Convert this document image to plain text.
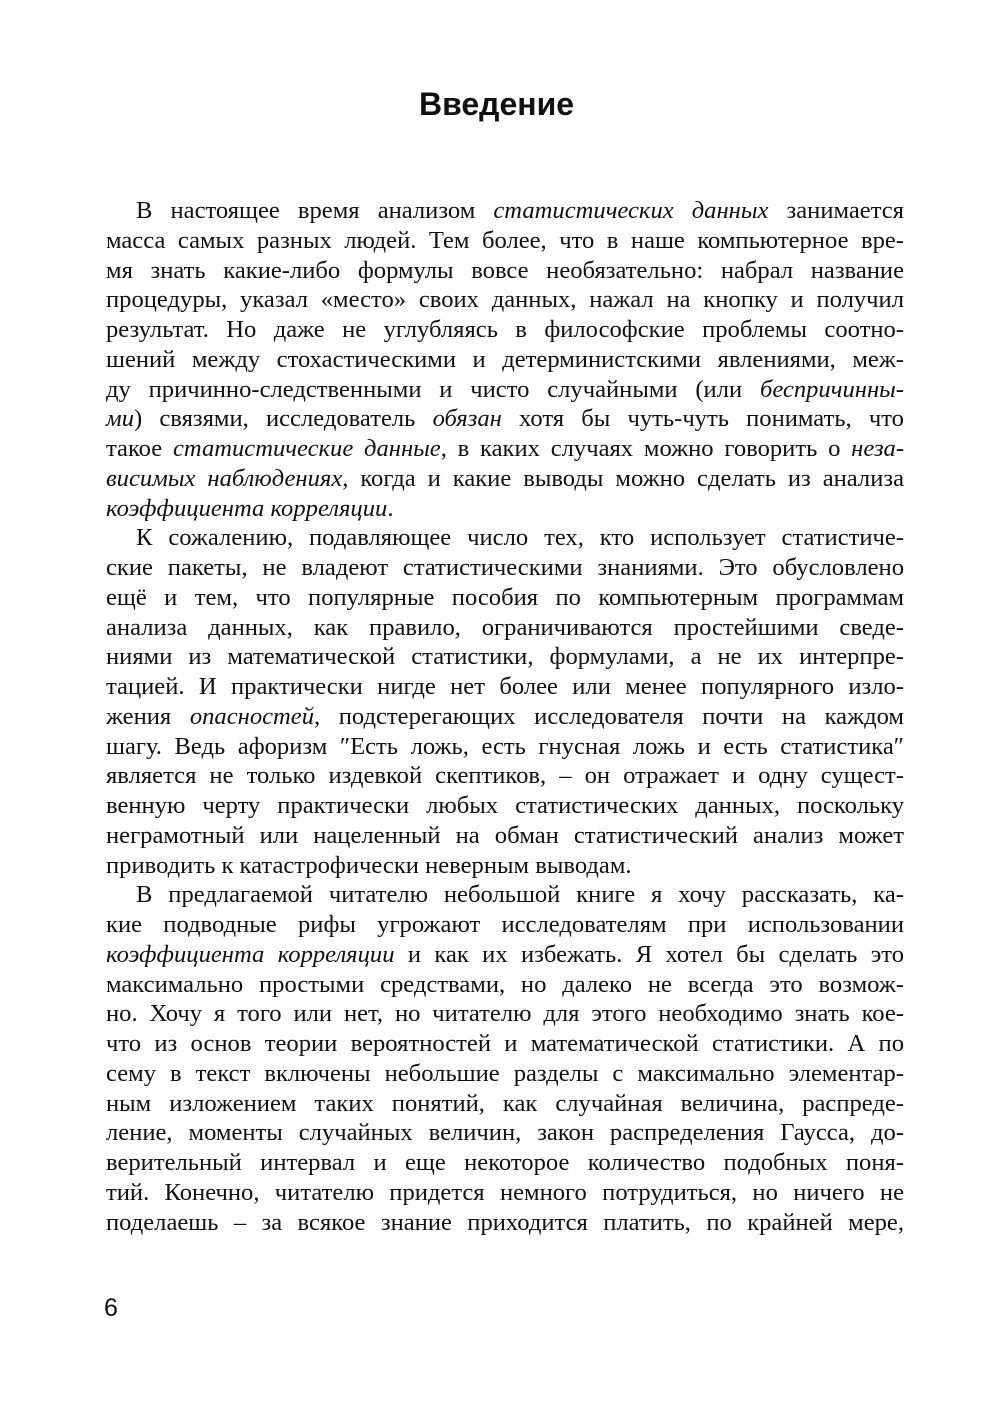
Введение
В настоящее время анализом статистических данных занимается
масса самых разных людей. Тем более, что в наше компьютерное вре-
мя знать какие-либо формулы вовсе необязательно: набрал название
процедуры, указал «место» своих данных, нажал на кнопку и получил
результат. Но даже не углубляясь в философские проблемы соотно-
шений между стохастическими и детерминистскими явлениями, меж-
ду причинно-следственными и чисто случайными (или беспричинны-
ми) связями, исследователь обязан хотя бы чуть-чуть понимать, что
такое статистические данные, в каких случаях можно говорить о неза-
висимых наблюдениях, когда и какие выводы можно сделать из анализа
коэффициента корреляции.
К сожалению, подавляющее число тех, кто использует статистиче-
ские пакеты, не владеют статистическими знаниями. Это обусловлено
ещё и тем, что популярные пособия по компьютерным программам
анализа данных, как правило, ограничиваются простейшими сведе-
ниями из математической статистики, формулами, а не их интерпре-
тацией. И практически нигде нет более или менее популярного изло-
жения опасностей, подстерегающих исследователя почти на каждом
шагу. Ведь афоризм ″Есть ложь, есть гнусная ложь и есть статистика″
является не только издевкой скептиков, – он отражает и одну сущест-
венную черту практически любых статистических данных, поскольку
неграмотный или нацеленный на обман статистический анализ может
приводить к катастрофически неверным выводам.
В предлагаемой читателю небольшой книге я хочу рассказать, ка-
кие подводные рифы угрожают исследователям при использовании
коэффициента корреляции и как их избежать. Я хотел бы сделать это
максимально простыми средствами, но далеко не всегда это возмож-
но. Хочу я того или нет, но читателю для этого необходимо знать кое-
что из основ теории вероятностей и математической статистики. А по
сему в текст включены небольшие разделы с максимально элементар-
ным изложением таких понятий, как случайная величина, распреде-
ление, моменты случайных величин, закон распределения Гаусса, до-
верительный интервал и еще некоторое количество подобных поня-
тий. Конечно, читателю придется немного потрудиться, но ничего не
поделаешь – за всякое знание приходится платить, по крайней мере,
6
